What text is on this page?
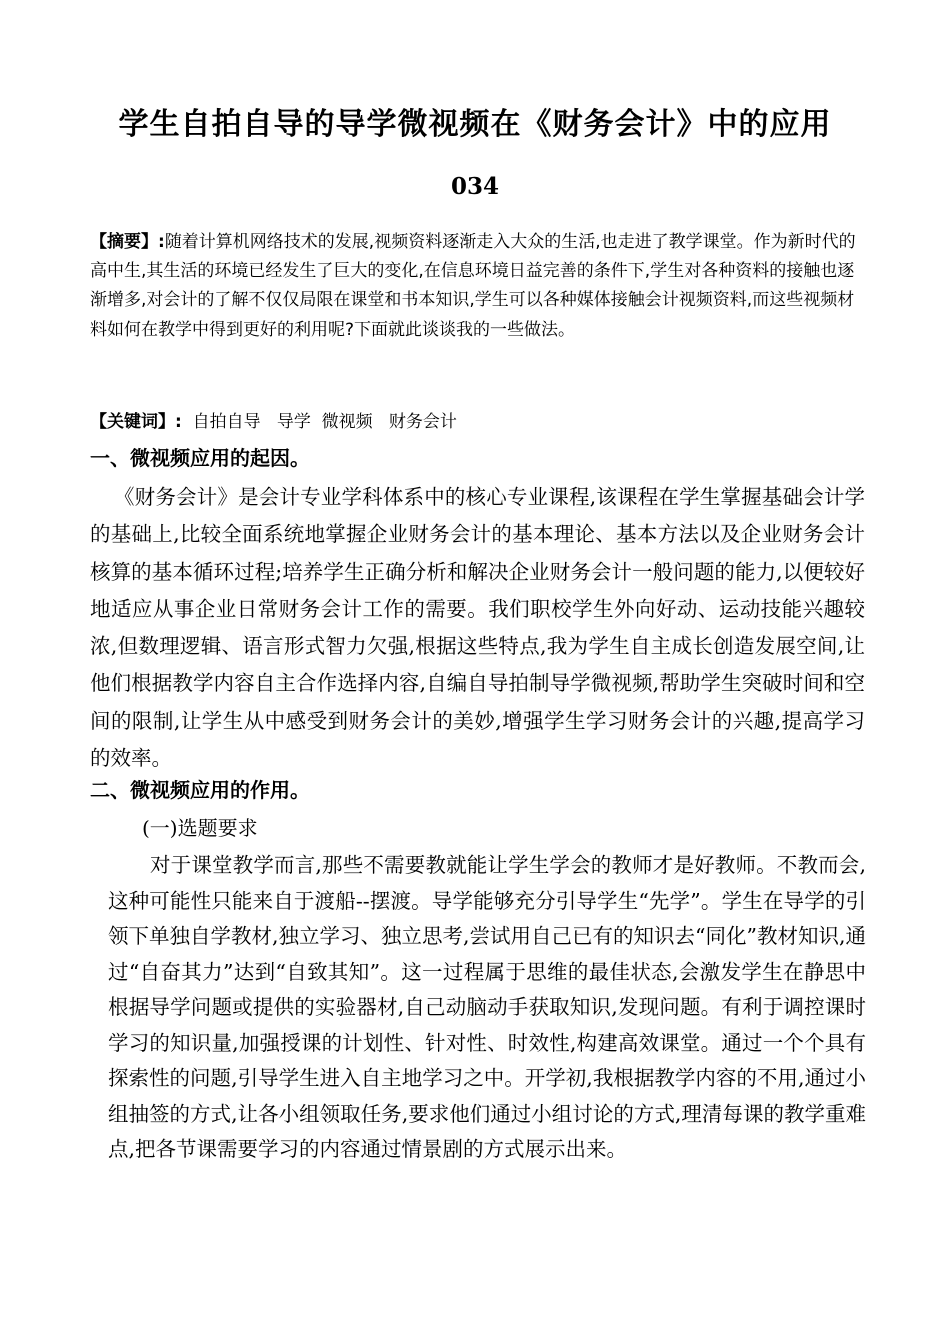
学生自拍自导的导学微视频在《财务会计》中的应用
034
【摘要】:随着计算机网络技术的发展,视频资料逐渐走入大众的生活,也走进了教学课堂。作为新时代的高中生,其生活的环境已经发生了巨大的变化,在信息环境日益完善的条件下,学生对各种资料的接触也逐渐增多,对会计的了解不仅仅局限在课堂和书本知识,学生可以各种媒体接触会计视频资料,而这些视频材料如何在教学中得到更好的利用呢?下面就此谈谈我的一些做法。
【关键词】:  自拍自导   导学  微视频   财务会计
一、微视频应用的起因。
《财务会计》是会计专业学科体系中的核心专业课程,该课程在学生掌握基础会计学的基础上,比较全面系统地掌握企业财务会计的基本理论、基本方法以及企业财务会计核算的基本循环过程;培养学生正确分析和解决企业财务会计一般问题的能力,以便较好地适应从事企业日常财务会计工作的需要。我们职校学生外向好动、运动技能兴趣较浓,但数理逻辑、语言形式智力欠强,根据这些特点,我为学生自主成长创造发展空间,让他们根据教学内容自主合作选择内容,自编自导拍制导学微视频,帮助学生突破时间和空间的限制,让学生从中感受到财务会计的美妙,增强学生学习财务会计的兴趣,提高学习的效率。
二、微视频应用的作用。
(一)选题要求
对于课堂教学而言,那些不需要教就能让学生学会的教师才是好教师。不教而会,这种可能性只能来自于渡船--摆渡。导学能够充分引导学生“先学”。学生在导学的引领下单独自学教材,独立学习、独立思考,尝试用自己已有的知识去“同化”教材知识,通过“自奋其力”达到“自致其知”。这一过程属于思维的最佳状态,会激发学生在静思中根据导学问题或提供的实验器材,自己动脑动手获取知识,发现问题。有利于调控课时学习的知识量,加强授课的计划性、针对性、时效性,构建高效课堂。通过一个个具有探索性的问题,引导学生进入自主地学习之中。开学初,我根据教学内容的不用,通过小组抽签的方式,让各小组领取任务,要求他们通过小组讨论的方式,理清每课的教学重难点,把各节课需要学习的内容通过情景剧的方式展示出来。
